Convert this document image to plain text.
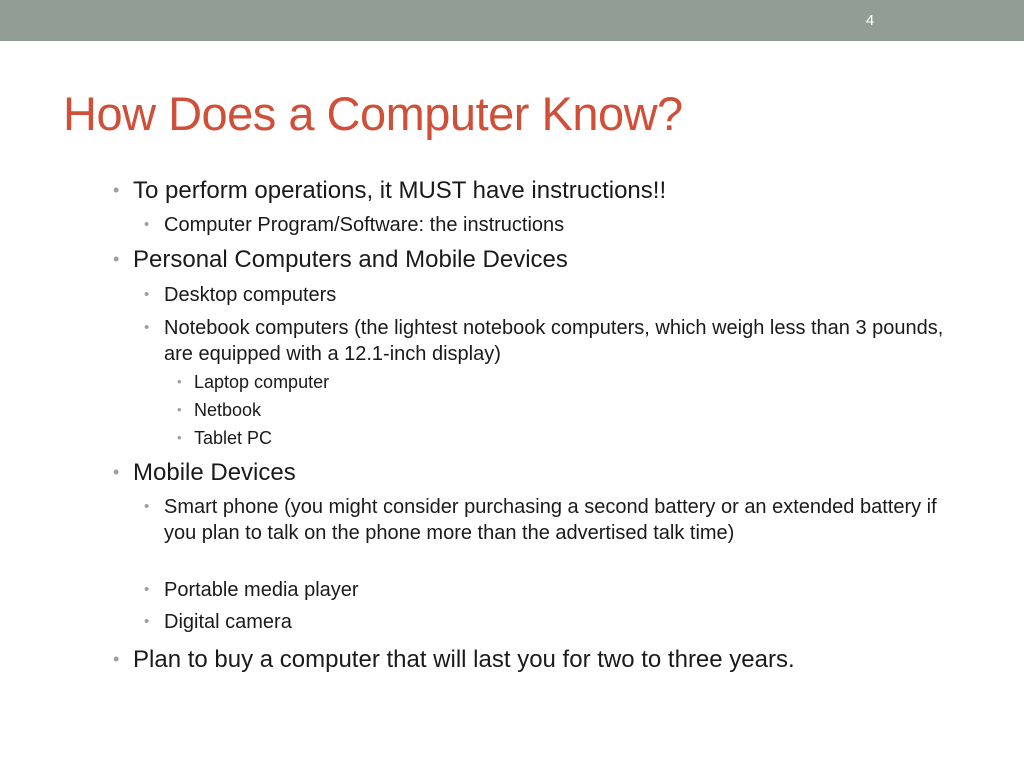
4
How Does a Computer Know?

• To perform operations, it MUST have instructions!!

• Computer Program/Software: the instructions

• Personal Computers and Mobile Devices

• Desktop computers

• Notebook computers (the lightest notebook computers, which weigh less than 3 pounds, are equipped with a 12.1-inch display)

• Laptop computer

• Netbook

• Tablet PC

• Mobile Devices

• Smart phone (you might consider purchasing a second battery or an extended battery if you plan to talk on the phone more than the advertised talk time)

• Portable media player

• Digital camera

• Plan to buy a computer that will last you for two to three years.
